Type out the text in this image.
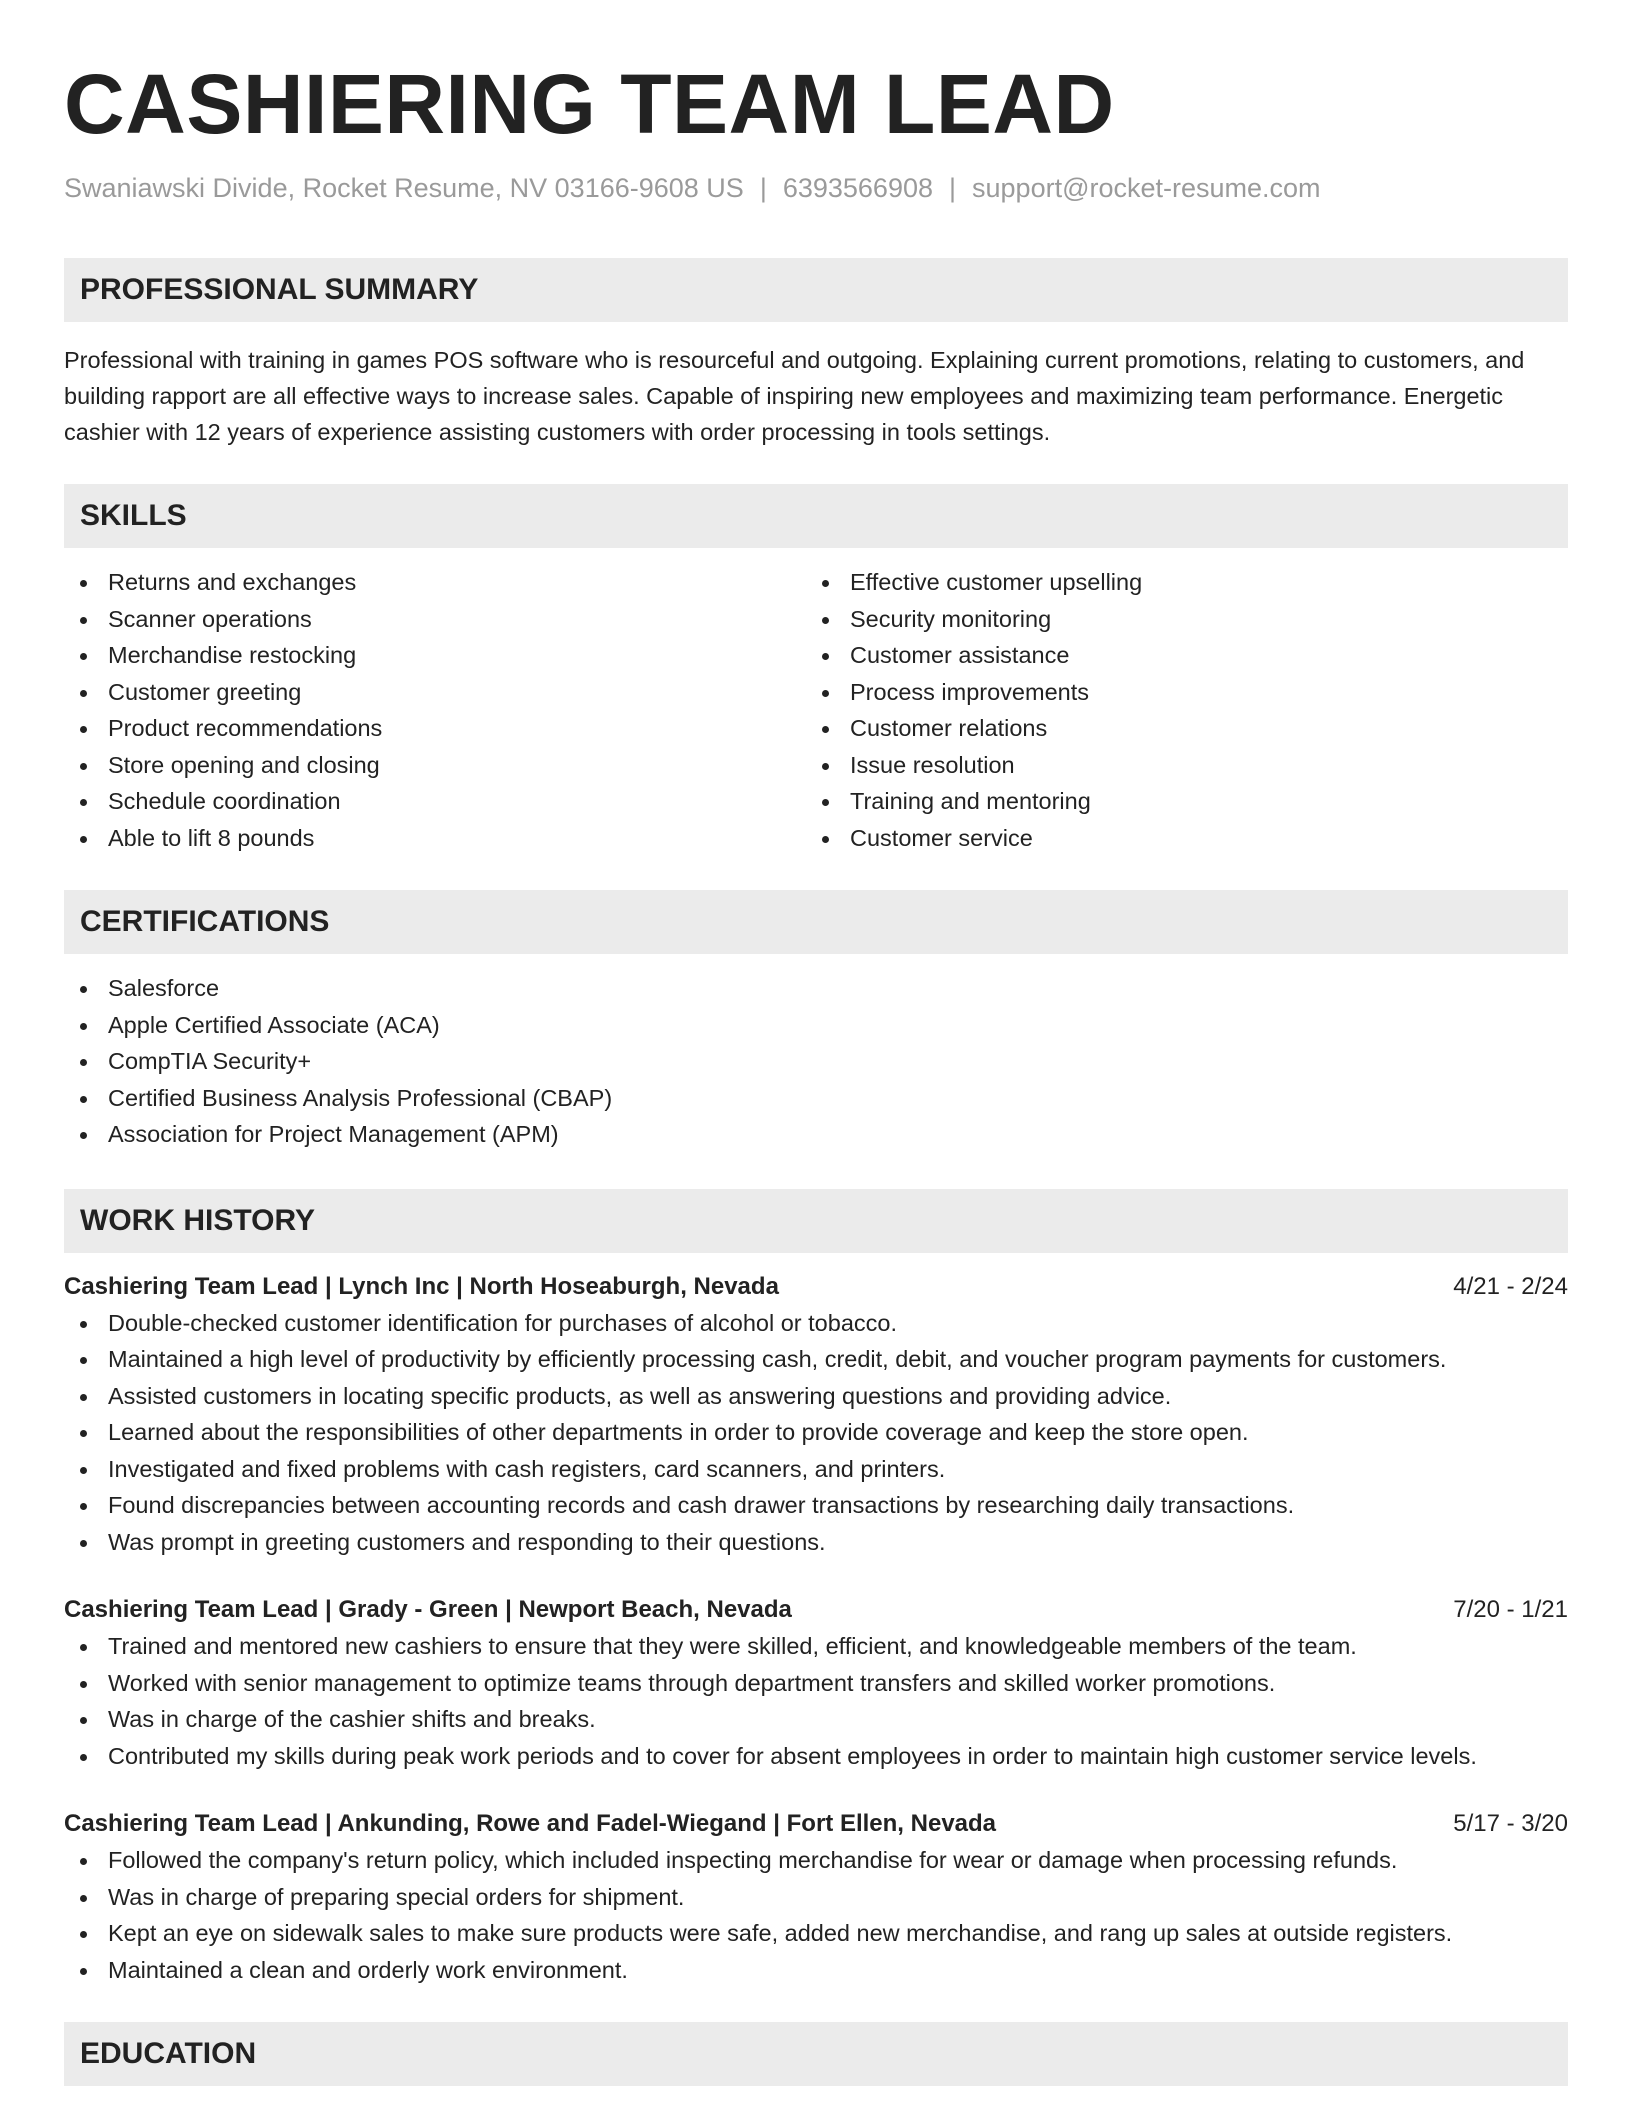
CASHIERING TEAM LEAD
Swaniawski Divide, Rocket Resume, NV 03166-9608 US | 6393566908 | support@rocket-resume.com
PROFESSIONAL SUMMARY

Professional with training in games POS software who is resourceful and outgoing. Explaining current promotions, relating to customers, and building rapport are all effective ways to increase sales. Capable of inspiring new employees and maximizing team performance. Energetic cashier with 12 years of experience assisting customers with order processing in tools settings.

SKILLS
Returns and exchanges
Scanner operations
Merchandise restocking
Customer greeting
Product recommendations
Store opening and closing
Schedule coordination
Able to lift 8 pounds
Effective customer upselling
Security monitoring
Customer assistance
Process improvements
Customer relations
Issue resolution
Training and mentoring
Customer service
CERTIFICATIONS
Salesforce
Apple Certified Associate (ACA)
CompTIA Security+
Certified Business Analysis Professional (CBAP)
Association for Project Management (APM)
WORK HISTORY
Cashiering Team Lead | Lynch Inc | North Hoseaburgh, Nevada	4/21 - 2/24
Double-checked customer identification for purchases of alcohol or tobacco.
Maintained a high level of productivity by efficiently processing cash, credit, debit, and voucher program payments for customers.
Assisted customers in locating specific products, as well as answering questions and providing advice.
Learned about the responsibilities of other departments in order to provide coverage and keep the store open.
Investigated and fixed problems with cash registers, card scanners, and printers.
Found discrepancies between accounting records and cash drawer transactions by researching daily transactions.
Was prompt in greeting customers and responding to their questions.
Cashiering Team Lead | Grady - Green | Newport Beach, Nevada	7/20 - 1/21
Trained and mentored new cashiers to ensure that they were skilled, efficient, and knowledgeable members of the team.
Worked with senior management to optimize teams through department transfers and skilled worker promotions.
Was in charge of the cashier shifts and breaks.
Contributed my skills during peak work periods and to cover for absent employees in order to maintain high customer service levels.
Cashiering Team Lead | Ankunding, Rowe and Fadel-Wiegand | Fort Ellen, Nevada	5/17 - 3/20
Followed the company's return policy, which included inspecting merchandise for wear or damage when processing refunds.
Was in charge of preparing special orders for shipment.
Kept an eye on sidewalk sales to make sure products were safe, added new merchandise, and rang up sales at outside registers.
Maintained a clean and orderly work environment.
EDUCATION
